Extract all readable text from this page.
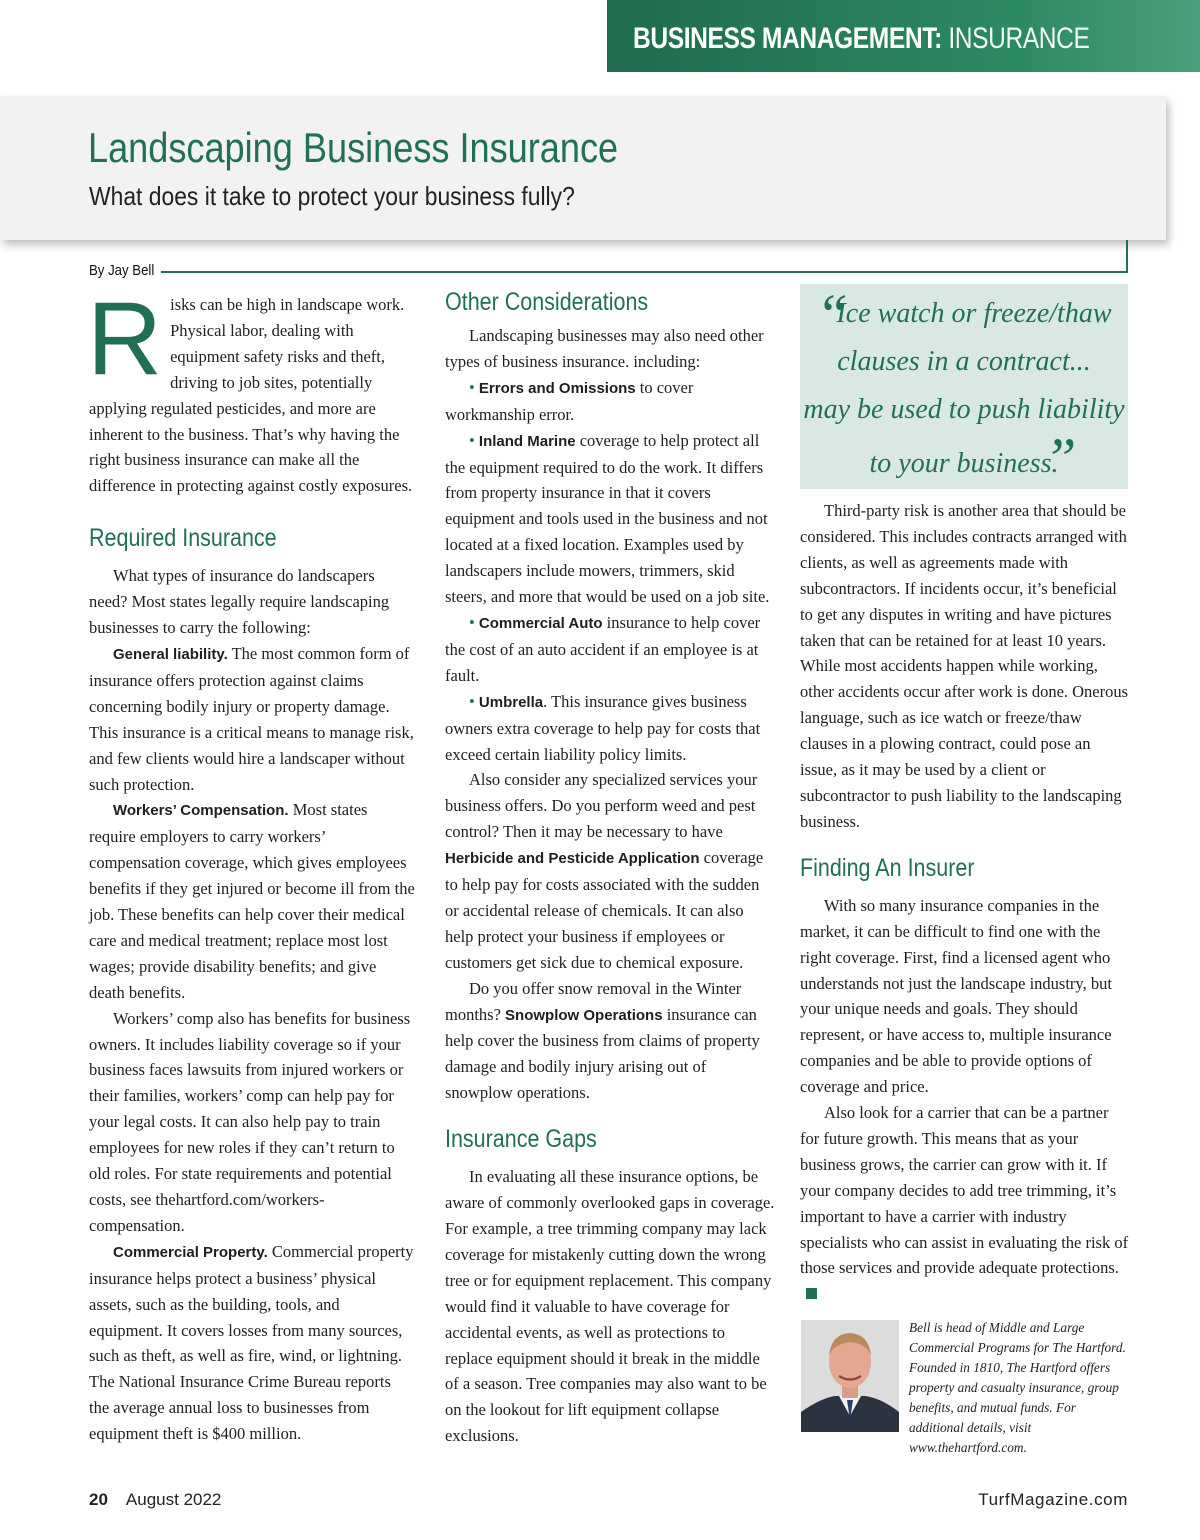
BUSINESS MANAGEMENT: INSURANCE
Landscaping Business Insurance
What does it take to protect your business fully?
By Jay Bell

Risks can be high in landscape work. Physical labor, dealing with equipment safety risks and theft, driving to job sites, potentially applying regulated pesticides, and more are inherent to the business. That’s why having the right business insurance can make all the difference in protecting against costly exposures.

Required Insurance

What types of insurance do landscapers need? Most states legally require landscaping businesses to carry the following:

General liability. The most common form of insurance offers protection against claims concerning bodily injury or property damage. This insurance is a critical means to manage risk, and few clients would hire a landscaper without such protection.

Workers’ Compensation. Most states require employers to carry workers’ compensation coverage, which gives employees benefits if they get injured or become ill from the job. These benefits can help cover their medical care and medical treatment; replace most lost wages; provide disability benefits; and give death benefits.

Workers’ comp also has benefits for business owners. It includes liability coverage so if your business faces lawsuits from injured workers or their families, workers’ comp can help pay for your legal costs. It can also help pay to train employees for new roles if they can’t return to old roles. For state requirements and potential costs, see thehartford.com/workers-compensation.

Commercial Property. Commercial property insurance helps protect a business’ physical assets, such as the building, tools, and equipment. It covers losses from many sources, such as theft, as well as fire, wind, or lightning. The National Insurance Crime Bureau reports the average annual loss to businesses from equipment theft is $400 million.

Other Considerations

Landscaping businesses may also need other types of business insurance. including:

• Errors and Omissions to cover workmanship error.

• Inland Marine coverage to help protect all the equipment required to do the work. It differs from property insurance in that it covers equipment and tools used in the business and not located at a fixed location. Examples used by landscapers include mowers, trimmers, skid steers, and more that would be used on a job site.

• Commercial Auto insurance to help cover the cost of an auto accident if an employee is at fault.

• Umbrella. This insurance gives business owners extra coverage to help pay for costs that exceed certain liability policy limits.

Also consider any specialized services your business offers. Do you perform weed and pest control? Then it may be necessary to have Herbicide and Pesticide Application coverage to help pay for costs associated with the sudden or accidental release of chemicals. It can also help protect your business if employees or customers get sick due to chemical exposure.

Do you offer snow removal in the Winter months? Snowplow Operations insurance can help cover the business from claims of property damage and bodily injury arising out of snowplow operations.

Insurance Gaps

In evaluating all these insurance options, be aware of commonly overlooked gaps in coverage. For example, a tree trimming company may lack coverage for mistakenly cutting down the wrong tree or for equipment replacement. This company would find it valuable to have coverage for accidental events, as well as protections to replace equipment should it break in the middle of a season. Tree companies may also want to be on the lookout for lift equipment collapse exclusions.

“
Ice watch or freeze/thaw
clauses in a contract...
may be used to push liability
to your business.
”

Third-party risk is another area that should be considered. This includes contracts arranged with clients, as well as agreements made with subcontractors. If incidents occur, it’s beneficial to get any disputes in writing and have pictures taken that can be retained for at least 10 years. While most accidents happen while working, other accidents occur after work is done. Onerous language, such as ice watch or freeze/thaw clauses in a plowing contract, could pose an issue, as it may be used by a client or subcontractor to push liability to the landscaping business.

Finding An Insurer

With so many insurance companies in the market, it can be difficult to find one with the right coverage. First, find a licensed agent who understands not just the landscape industry, but your unique needs and goals. They should represent, or have access to, multiple insurance companies and be able to provide options of coverage and price.

Also look for a carrier that can be a partner for future growth. This means that as your business grows, the carrier can grow with it. If your company decides to add tree trimming, it’s important to have a carrier with industry specialists who can assist in evaluating the risk of those services and provide adequate protections.

Bell is head of Middle and Large Commercial Programs for The Hartford. Founded in 1810, The Hartford offers property and casualty insurance, group benefits, and mutual funds. For additional details, visit www.thehartford.com.
20 August 2022	TurfMagazine.com
